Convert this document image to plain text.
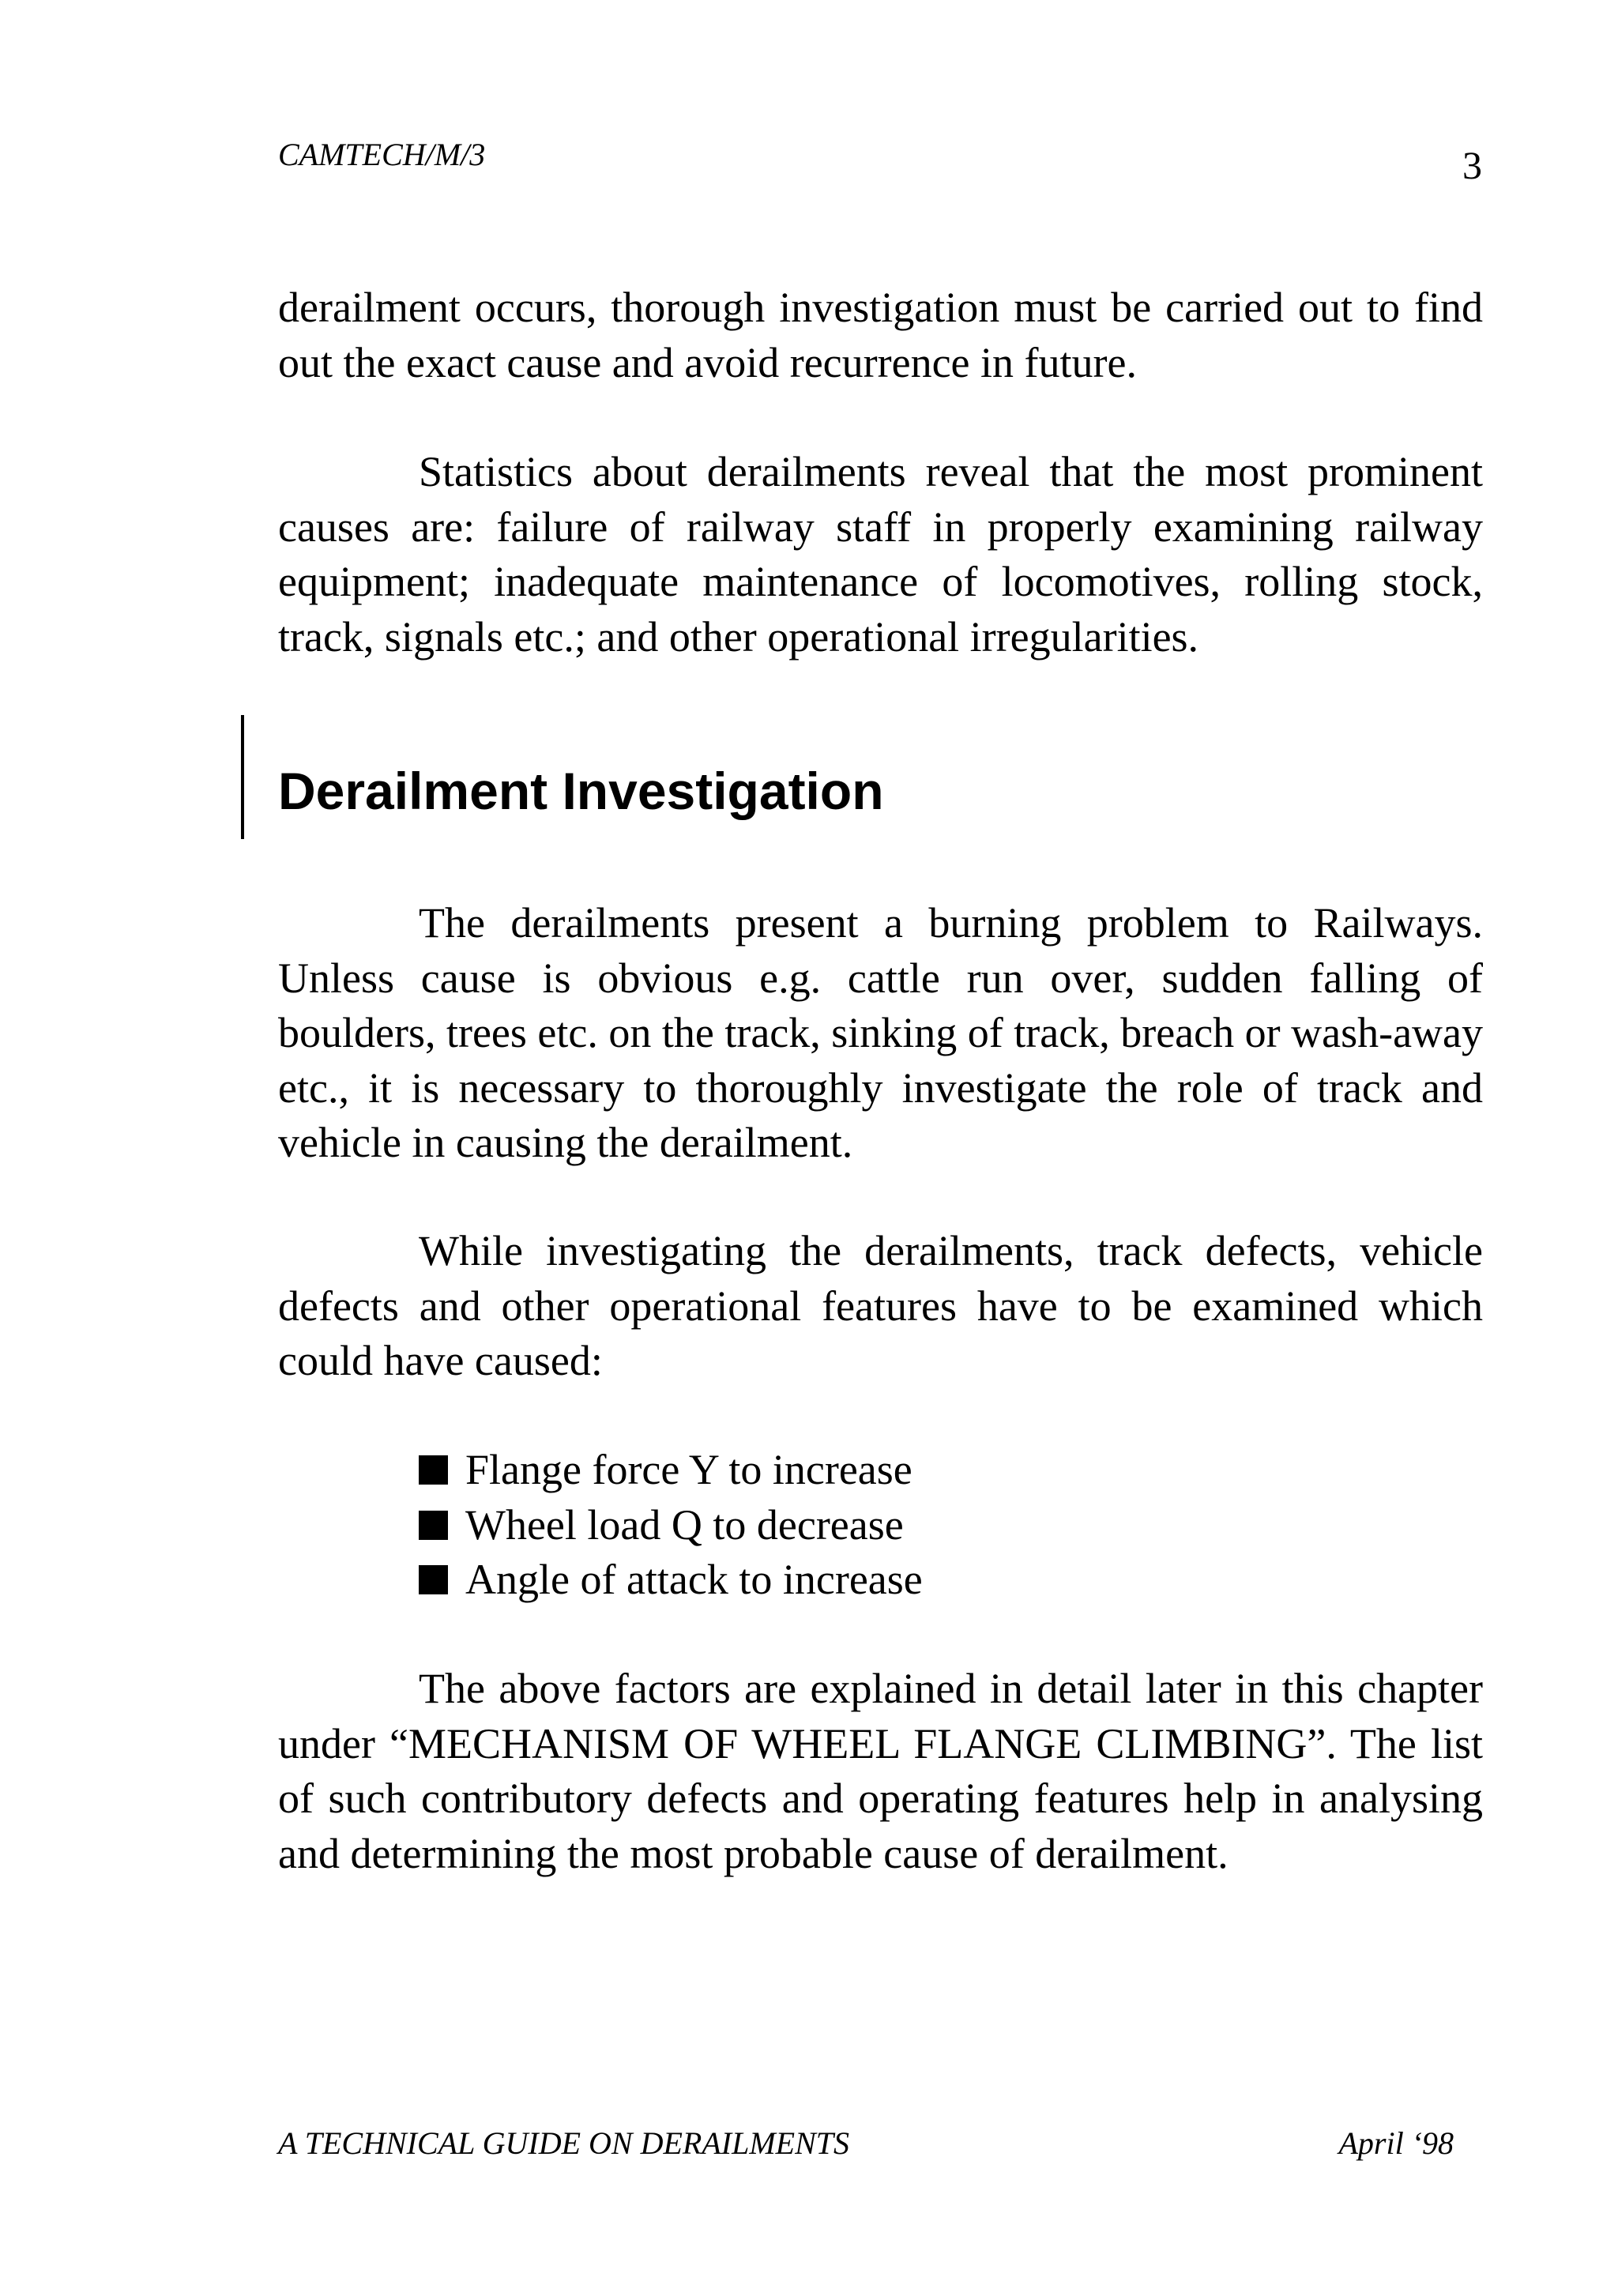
CAMTECH/M/3	3

derailment occurs, thorough investigation must be carried out to find out the exact cause and avoid recurrence in future.

Statistics about derailments reveal that the most prominent causes are: failure of railway staff in properly examining railway equipment; inadequate maintenance of locomotives, rolling stock, track, signals etc.; and other operational irregularities.

Derailment Investigation

The derailments present a burning problem to Railways. Unless cause is obvious e.g. cattle run over, sudden falling of boulders, trees etc. on the track, sinking of track, breach or wash-away etc., it is necessary to thoroughly investigate the role of track and vehicle in causing the derailment.

While investigating the derailments, track defects, vehicle defects and other operational features have to be examined which could have caused:

Flange force Y to increase
Wheel load Q to decrease
Angle of attack to increase

The above factors are explained in detail later in this chapter under “MECHANISM OF WHEEL FLANGE CLIMBING”. The list of such contributory defects and operating features help in analysing and determining the most probable cause of derailment.

A TECHNICAL GUIDE ON DERAILMENTS	April ‘98
